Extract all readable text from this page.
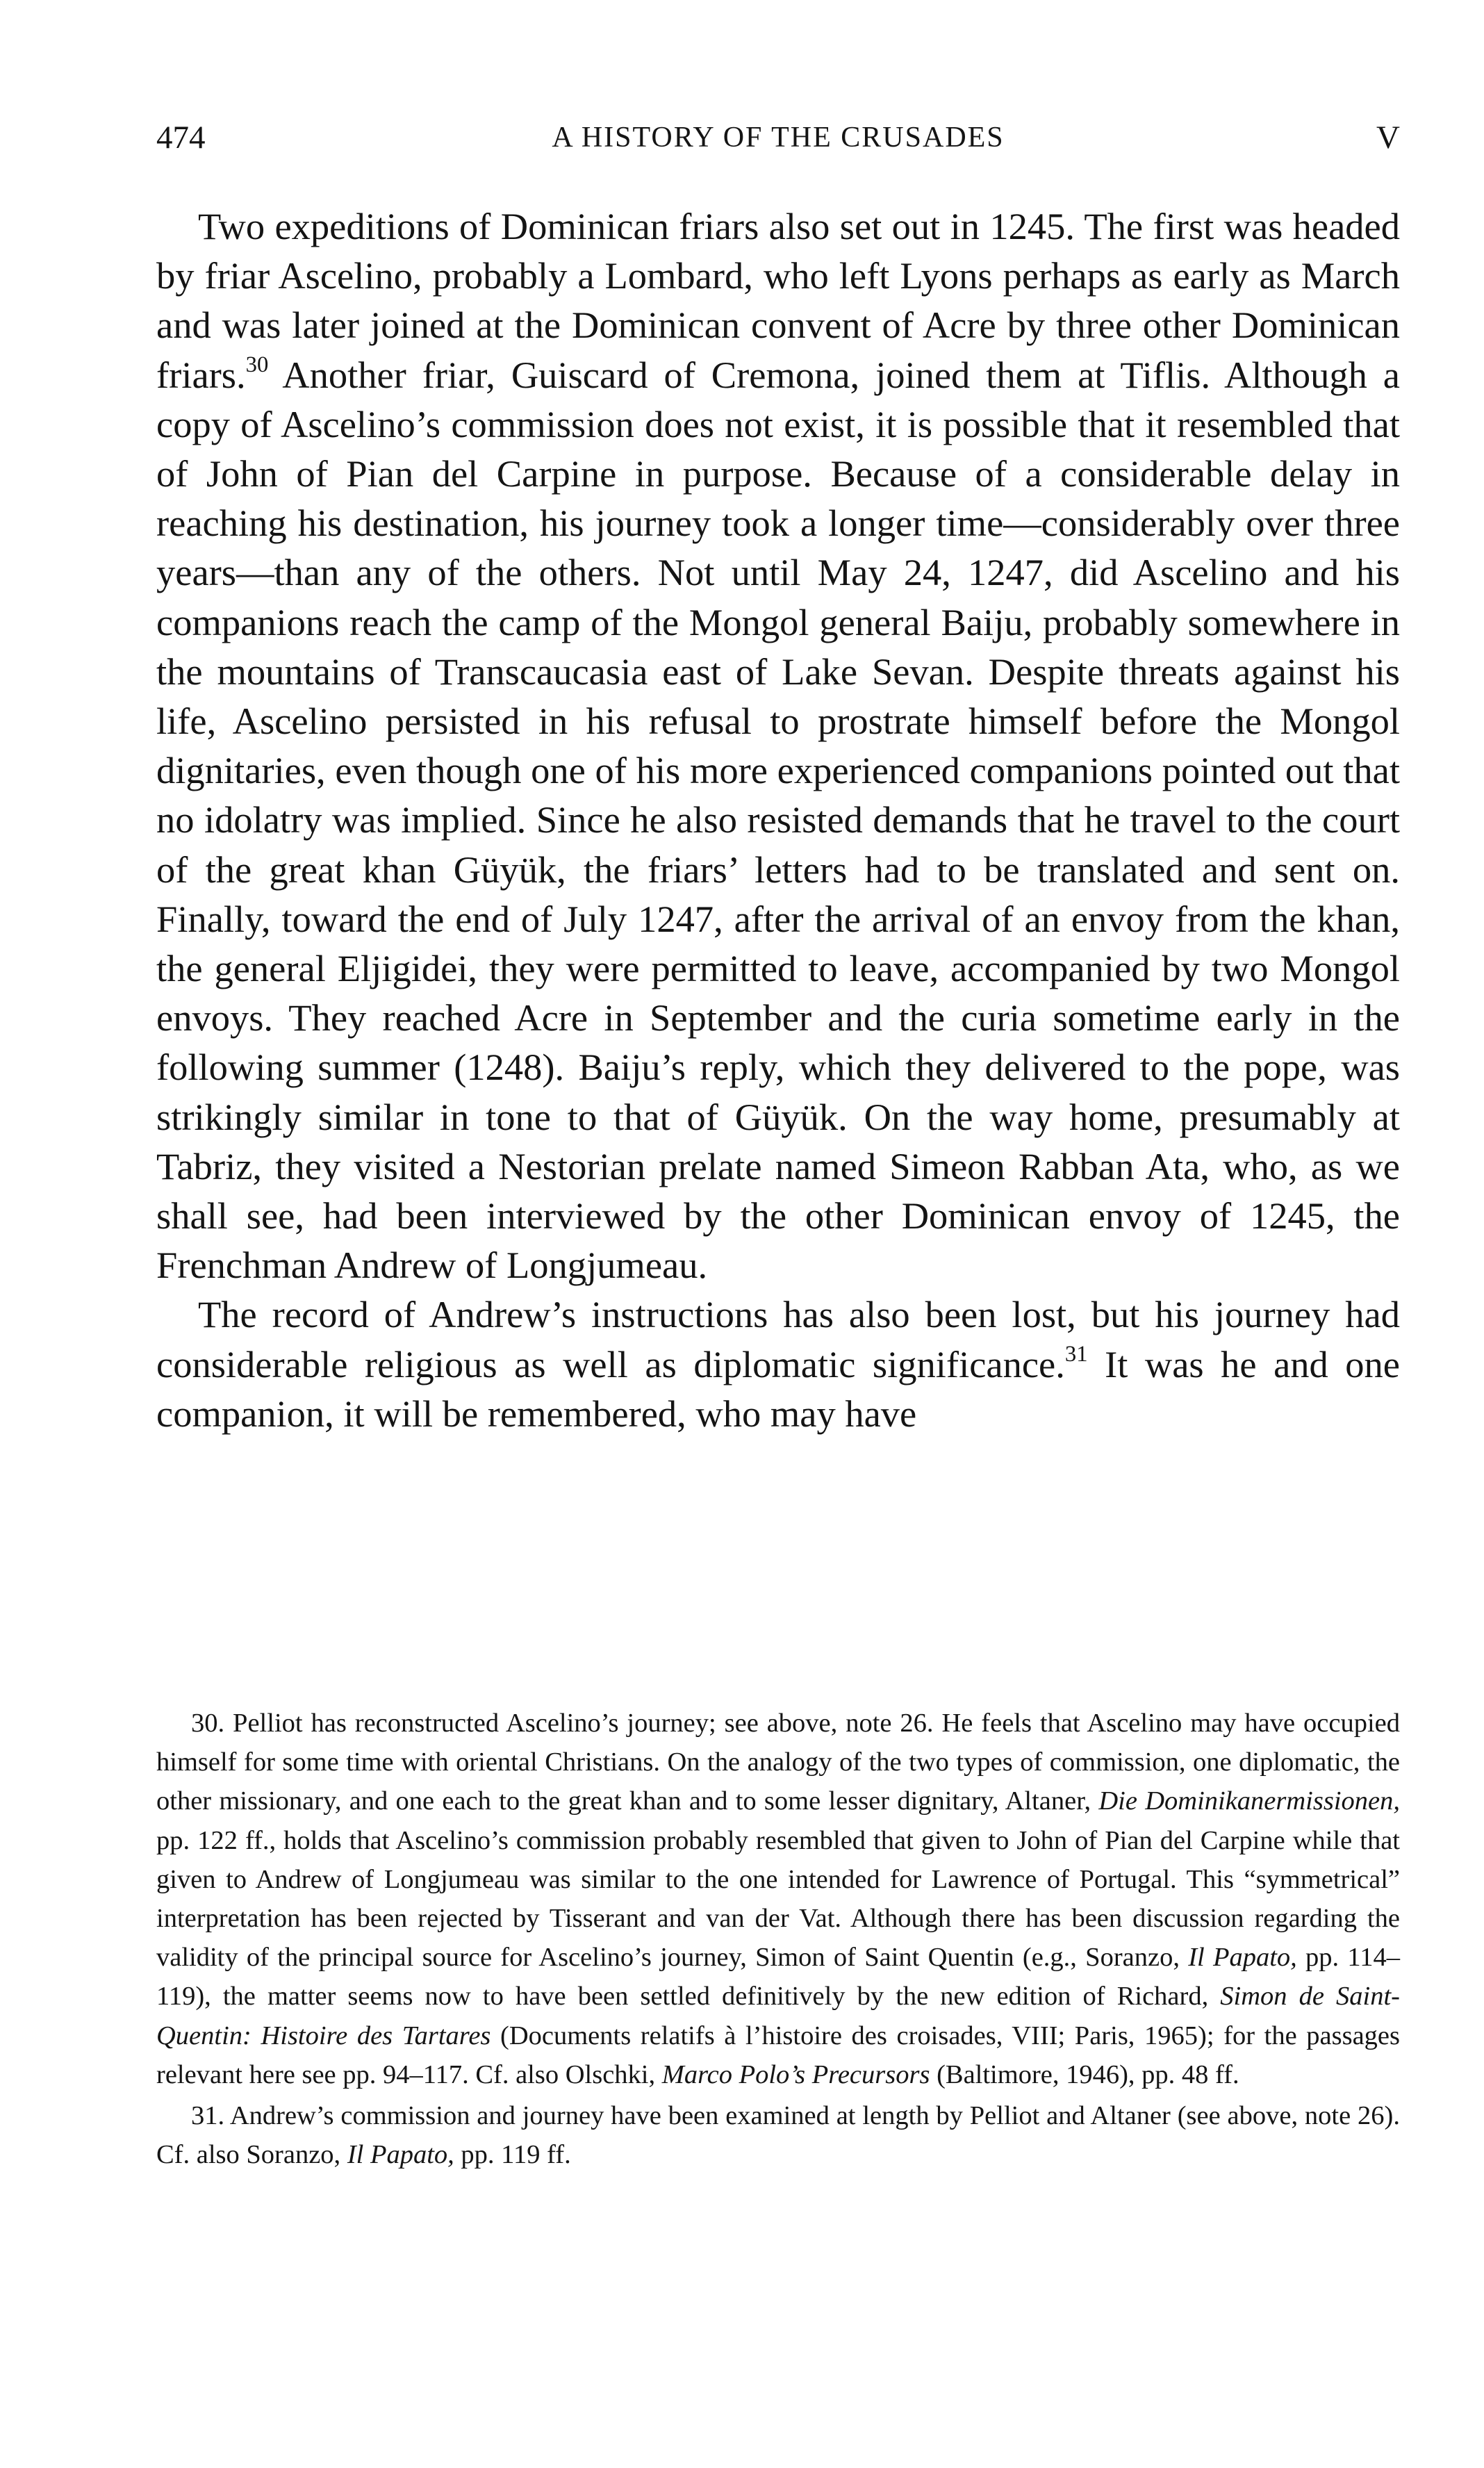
474	A HISTORY OF THE CRUSADES	V

Two expeditions of Dominican friars also set out in 1245. The first was headed by friar Ascelino, probably a Lombard, who left Lyons perhaps as early as March and was later joined at the Dominican convent of Acre by three other Dominican friars.$^{30}$ Another friar, Guiscard of Cremona, joined them at Tiflis. Although a copy of Ascelino’s commission does not exist, it is possible that it resembled that of John of Pian del Carpine in purpose. Because of a considerable delay in reaching his destination, his journey took a longer time—considerably over three years—than any of the others. Not until May 24, 1247, did Ascelino and his companions reach the camp of the Mongol general Baiju, probably somewhere in the mountains of Transcaucasia east of Lake Sevan. Despite threats against his life, Ascelino persisted in his refusal to prostrate himself before the Mongol dignitaries, even though one of his more experienced companions pointed out that no idolatry was implied. Since he also resisted demands that he travel to the court of the great khan Güyük, the friars’ letters had to be translated and sent on. Finally, toward the end of July 1247, after the arrival of an envoy from the khan, the general Eljigidei, they were permitted to leave, accompanied by two Mongol envoys. They reached Acre in September and the curia sometime early in the following summer (1248). Baiju’s reply, which they delivered to the pope, was strikingly similar in tone to that of Güyük. On the way home, presumably at Tabriz, they visited a Nestorian prelate named Simeon Rabban Ata, who, as we shall see, had been interviewed by the other Dominican envoy of 1245, the Frenchman Andrew of Longjumeau.

The record of Andrew’s instructions has also been lost, but his journey had considerable religious as well as diplomatic significance.$^{31}$ It was he and one companion, it will be remembered, who may have

30. Pelliot has reconstructed Ascelino’s journey; see above, note 26. He feels that Ascelino may have occupied himself for some time with oriental Christians. On the analogy of the two types of commission, one diplomatic, the other missionary, and one each to the great khan and to some lesser dignitary, Altaner, Die Dominikanermissionen, pp. 122 ff., holds that Ascelino’s commission probably resembled that given to John of Pian del Carpine while that given to Andrew of Longjumeau was similar to the one intended for Lawrence of Portugal. This “symmetrical” interpretation has been rejected by Tisserant and van der Vat. Although there has been discussion regarding the validity of the principal source for Ascelino’s journey, Simon of Saint Quentin (e.g., Soranzo, Il Papato, pp. 114–119), the matter seems now to have been settled definitively by the new edition of Richard, Simon de Saint-Quentin: Histoire des Tartares (Documents relatifs à l’histoire des croisades, VIII; Paris, 1965); for the passages relevant here see pp. 94–117. Cf. also Olschki, Marco Polo’s Precursors (Baltimore, 1946), pp. 48 ff.

31. Andrew’s commission and journey have been examined at length by Pelliot and Altaner (see above, note 26). Cf. also Soranzo, Il Papato, pp. 119 ff.
